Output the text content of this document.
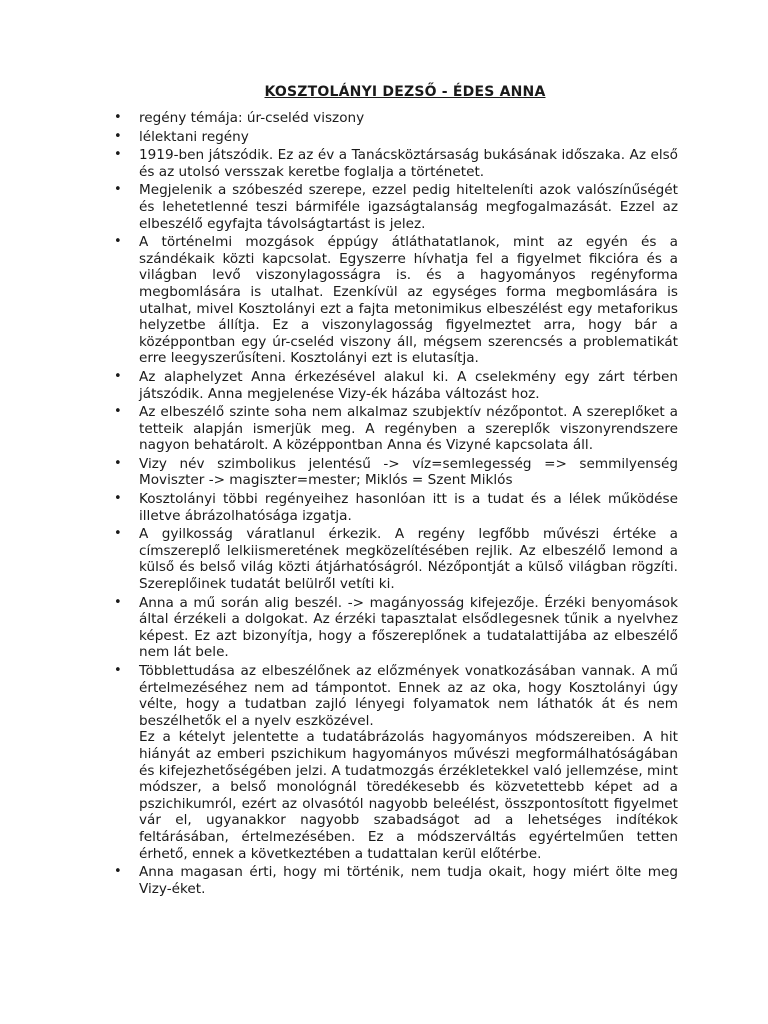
KOSZTOLÁNYI DEZSŐ - ÉDES ANNA
• regény témája: úr-cseléd viszony
• lélektani regény
• 1919-ben játszódik. Ez az év a Tanácsköztársaság bukásának időszaka. Az első és az utolsó versszak keretbe foglalja a történetet.
• Megjelenik a szóbeszéd szerepe, ezzel pedig hiteltelеníti azok valószínűségét és lehetetlenné teszi bármiféle igazságtalanság megfogalmazását. Ezzel az elbeszélő egyfajta távolságtartást is jelez.
• A történelmi mozgások éppúgy átláthatatlanok, mint az egyén és a szándékaik közti kapcsolat. Egyszerre hívhatja fel a figyelmet fikcióra és a világban levő viszonylagosságra is. és a hagyományos regényforma megbomlására is utalhat. Ezenkívül az egységes forma megbomlására is utalhat, mivel Kosztolányi ezt a fajta metonimikus elbeszélést egy metaforikus helyzetbe állítja. Ez a viszonylagosság figyelmeztet arra, hogy bár a középpontban egy úr-cseléd viszony áll, mégsem szerencsés a problematikát erre leegyszerűsíteni. Kosztolányi ezt is elutasítja.
• Az alaphelyzet Anna érkezésével alakul ki. A cselekmény egy zárt térben játszódik. Anna megjelenése Vizy-ék házába változást hoz.
• Az elbeszélő szinte soha nem alkalmaz szubjektív nézőpontot. A szereplőket a tetteik alapján ismerjük meg. A regényben a szereplők viszonyrendszere nagyon behatárolt. A középpontban Anna és Vizyné kapcsolata áll.
• Vizy név szimbolikus jelentésű -> víz=semlegesség => semmilyenség Moviszter -> magiszter=mester; Miklós = Szent Miklós
• Kosztolányi többi regényeihez hasonlóan itt is a tudat és a lélek működése illetve ábrázolhatósága izgatja.
• A gyilkosság váratlanul érkezik. A regény legfőbb művészi értéke a címszereplő lelkiismeretének megközelítésében rejlik. Az elbeszélő lemond a külső és belső világ közti átjárhatóságról. Nézőpontját a külső világban rögzíti. Szereplőinek tudatát belülről vetíti ki.
• Anna a mű során alig beszél. -> magányosság kifejezője. Érzéki benyomások által érzékeli a dolgokat. Az érzéki tapasztalat elsődlegesnek tűnik a nyelvhez képest. Ez azt bizonyítja, hogy a főszereplőnek a tudatalattijába az elbeszélő nem lát bele.
• Többlettudása az elbeszélőnek az előzmények vonatkozásában vannak. A mű értelmezéséhez nem ad támpontot. Ennek az az oka, hogy Kosztolányi úgy vélte, hogy a tudatban zajló lényegi folyamatok nem láthatók át és nem beszélhetők el a nyelv eszközével.
Ez a kételyt jelentette a tudatábrázolás hagyományos módszereiben. A hit hiányát az emberi pszichikum hagyományos művészi megformálhatóságában és kifejezhetőségében jelzi. A tudatmozgás érzékletekkel való jellemzése, mint módszer, a belső monológnál töredékesebb és közvetettebb képet ad a pszichikumról, ezért az olvasótól nagyobb beleélést, összpontosított figyelmet vár el, ugyanakkor nagyobb szabadságot ad a lehetséges indítékok feltárásában, értelmezésében. Ez a módszerváltás egyértelműen tetten érhető, ennek a következtében a tudattalan kerül előtérbe.
• Anna magasan érti, hogy mi történik, nem tudja okait, hogy miért ölte meg Vizy-éket.
